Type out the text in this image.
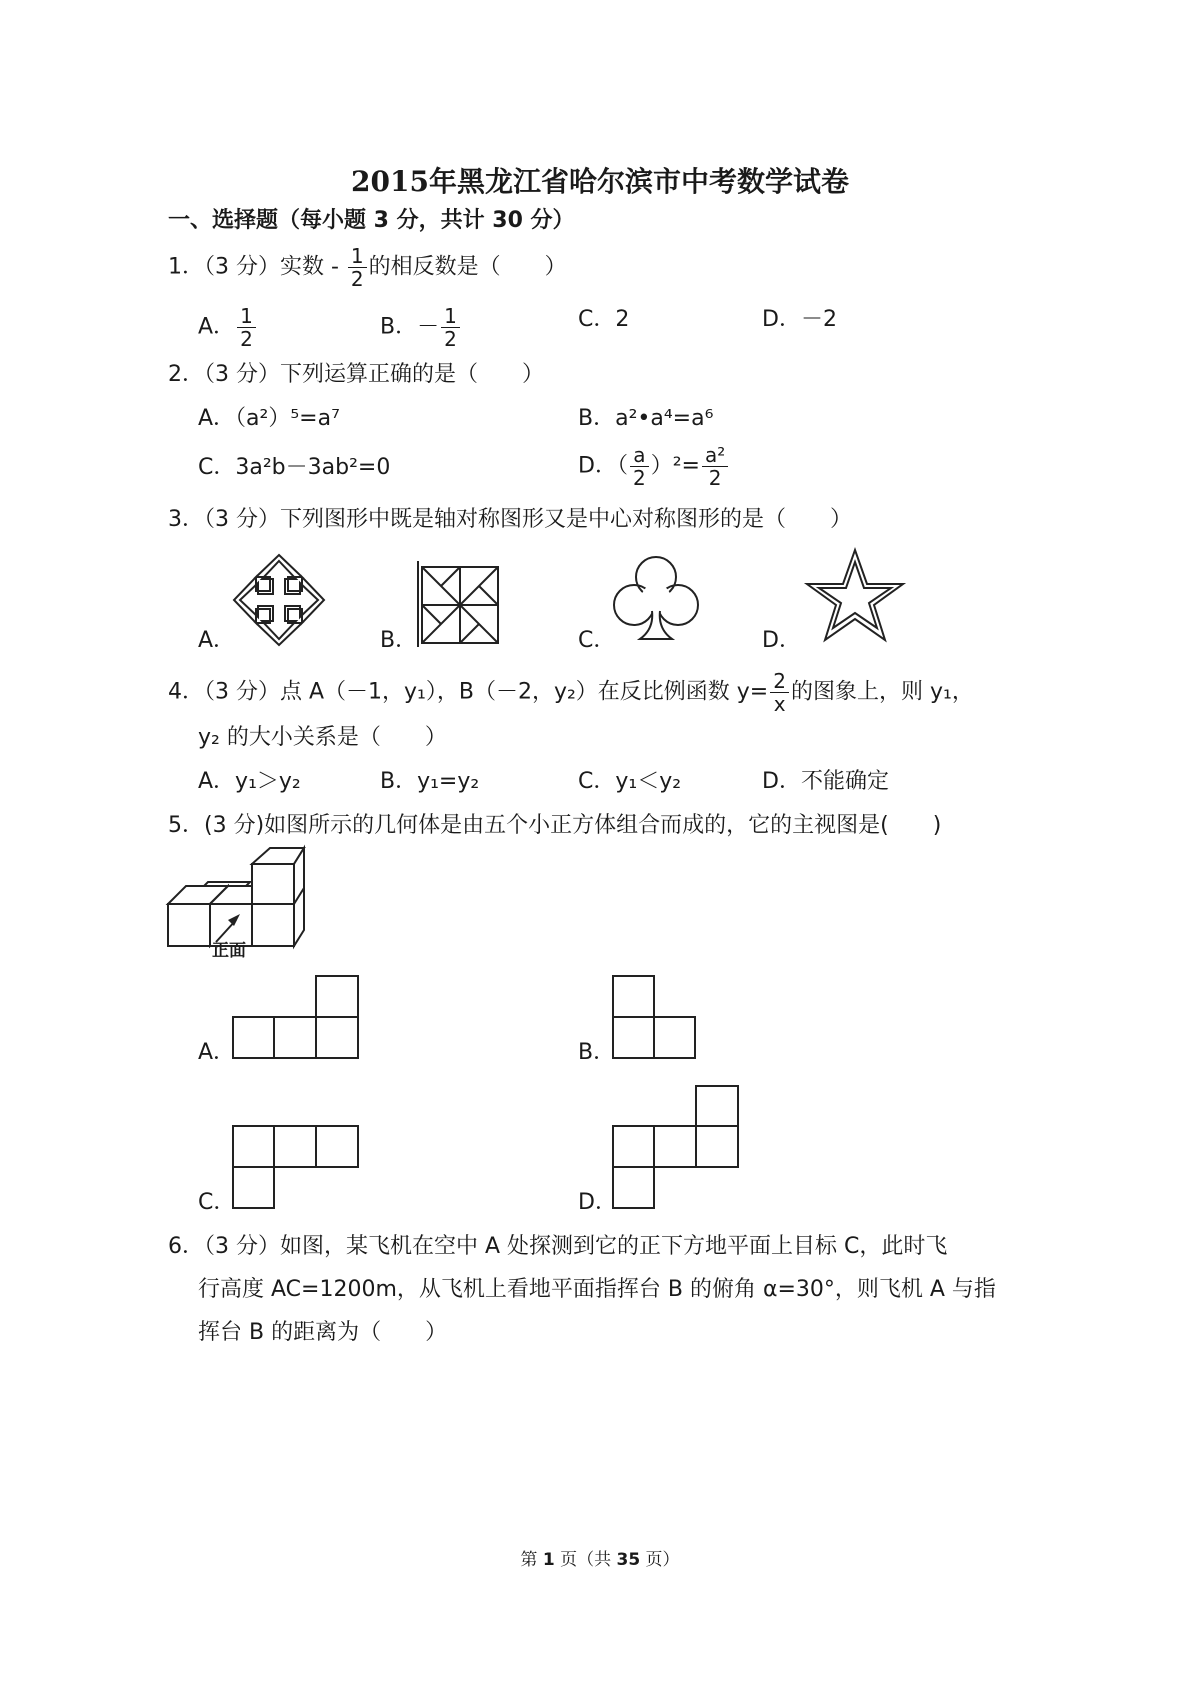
2015年黑龙江省哈尔滨市中考数学试卷
一、选择题（每小题 3 分，共计 30 分）
1．（3 分）实数 - $\frac{1}{2}$ 的相反数是（　　）
A． $\frac{1}{2}$	B．－ $\frac{1}{2}$	C．2	D．－2
2．（3 分）下列运算正确的是（　　）
A．（a²）⁵=a⁷	B．a²•a⁴=a⁶
C．3a²b－3ab²=0	D．（ $\frac{a}{2} )^2= \frac{\text{a²}}{2}$
3．（3 分）下列图形中既是轴对称图形又是中心对称图形的是（　　）
A．	B．	C．	D．
4．（3 分）点 A（－1，y₁），B（－2，y₂）在反比例函数 $y= \frac{2}{x}$ 的图象上，则 y₁，
y₂ 的大小关系是（　　）
A．y₁＞y₂	B．y₁=y₂	C．y₁＜y₂	D．不能确定
5．(3 分)如图所示的几何体是由五个小正方体组合而成的，它的主视图是(　　)
正面
A．	B．
C．	D．
6．（3 分）如图，某飞机在空中 A 处探测到它的正下方地平面上目标 C，此时飞
行高度 AC=1200m，从飞机上看地平面指挥台 B 的俯角 α=30°，则飞机 A 与指
挥台 B 的距离为（　　）
第 1 页（共 35 页）
